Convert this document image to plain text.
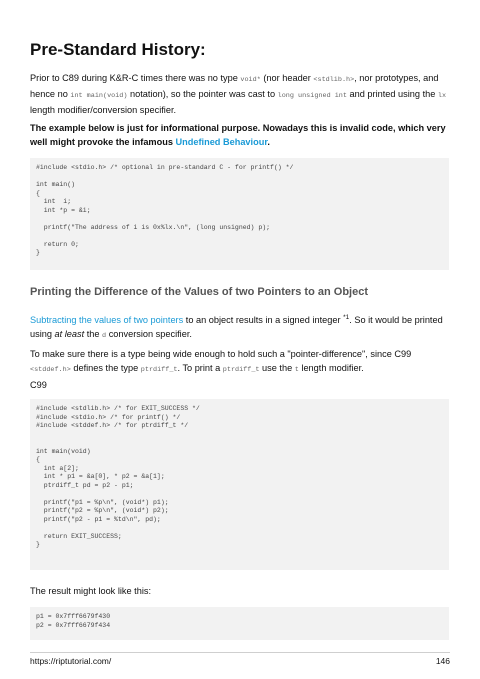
Pre-Standard History:

Prior to C89 during K&R-C times there was no type void* (nor header <stdlib.h>, nor prototypes, and hence no int main(void) notation), so the pointer was cast to long unsigned int and printed using the lx length modifier/conversion specifier.

The example below is just for informational purpose. Nowadays this is invalid code, which very well might provoke the infamous Undefined Behaviour.

#include <stdio.h> /* optional in pre-standard C - for printf() */

int main()
{
int  i;
int *p = &i;

printf("The address of i is 0x%lx.\n", (long unsigned) p);

return 0;
}
Printing the Difference of the Values of two Pointers to an Object

Subtracting the values of two pointers to an object results in a signed integer $^{*1}$. So it would be printed using at least the d conversion specifier.

To make sure there is a type being wide enough to hold such a "pointer-difference", since C99 <stddef.h> defines the type ptrdiff_t. To print a ptrdiff_t use the t length modifier.

C99
#include <stdlib.h> /* for EXIT_SUCCESS */
#include <stdio.h> /* for printf() */
#include <stddef.h> /* for ptrdiff_t */

int main(void)
{
int a[2];
int * p1 = &a[0], * p2 = &a[1];
ptrdiff_t pd = p2 - p1;

printf("p1 = %p\n", (void*) p1);
printf("p2 = %p\n", (void*) p2);
printf("p2 - p1 = %td\n", pd);

return EXIT_SUCCESS;
}

The result might look like this:

p1 = 0x7fff6679f430
p2 = 0x7fff6679f434
https://riptutorial.com/	146
